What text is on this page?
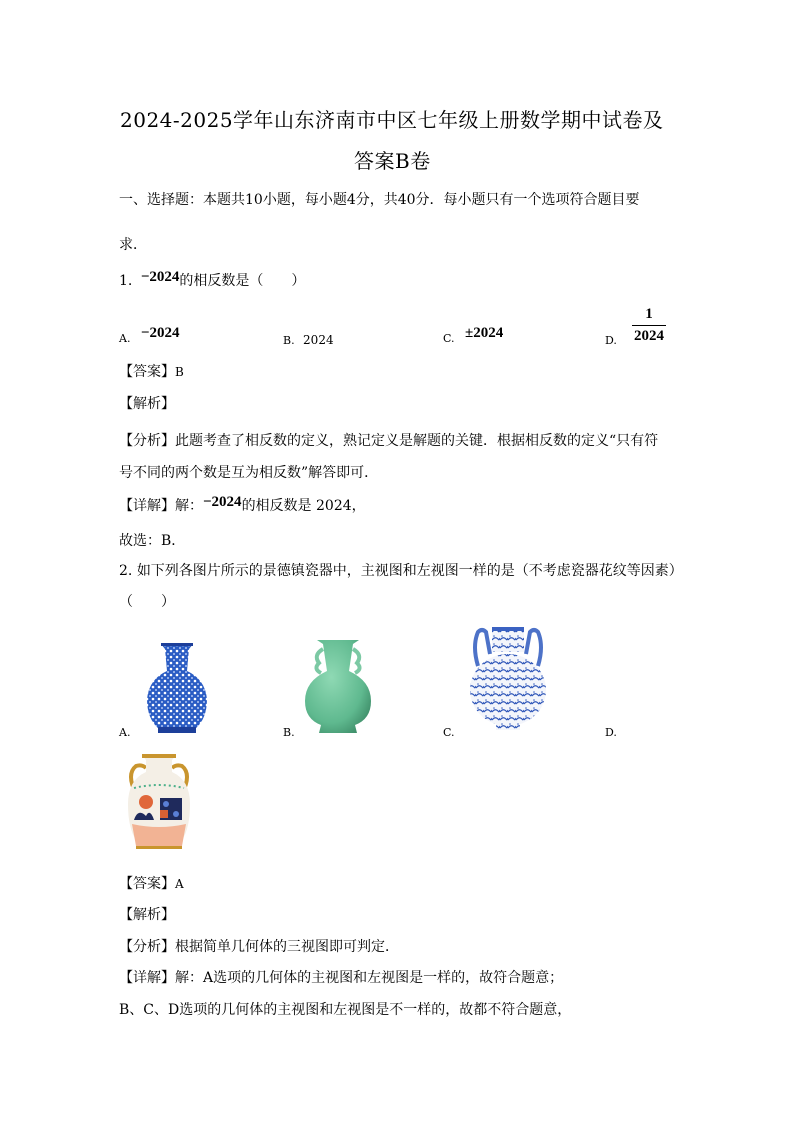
2024-2025学年山东济南市中区七年级上册数学期中试卷及
答案B卷
一、选择题：本题共10小题，每小题4分，共40分．每小题只有一个选项符合题目要
求．
1. −2024的相反数是（　　）
A. −2024	B. 2024	C. ±2024	D. $\frac{1}{2024}$
【答案】B
【解析】
【分析】此题考查了相反数的定义，熟记定义是解题的关键．根据相反数的定义“只有符
号不同的两个数是互为相反数”解答即可．
【详解】解：−2024的相反数是 2024，
故选：B．
2. 如下列各图片所示的景德镇瓷器中，主视图和左视图一样的是（不考虑瓷器花纹等因素）
（　　）
A.	B.	C.	D.
【答案】A
【解析】
【分析】根据简单几何体的三视图即可判定．
【详解】解：A选项的几何体的主视图和左视图是一样的，故符合题意；
B、C、D选项的几何体的主视图和左视图是不一样的，故都不符合题意，
